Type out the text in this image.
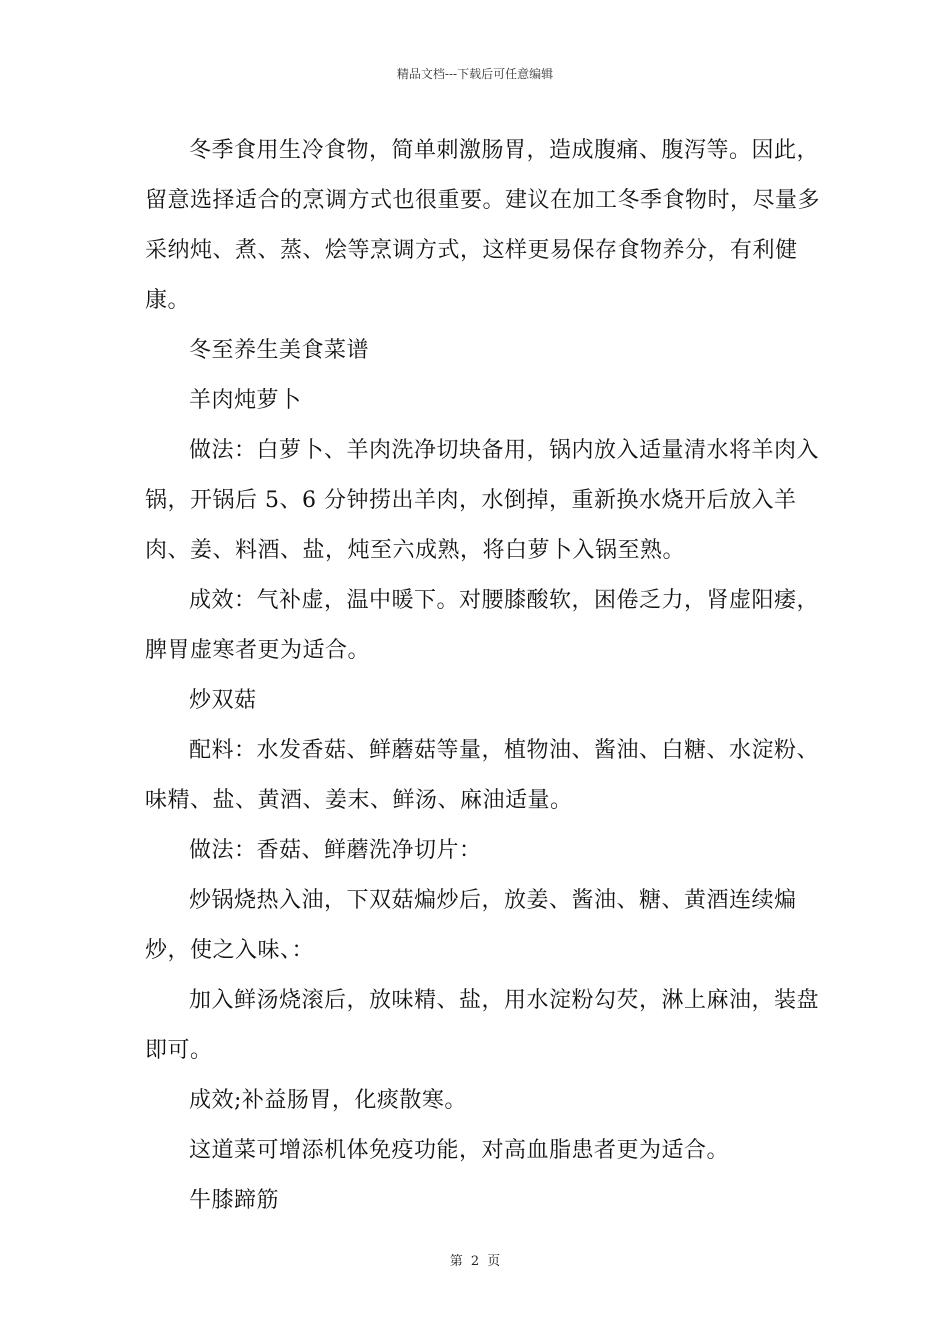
精品文档---下载后可任意编辑

冬季食用生冷食物，简单刺激肠胃，造成腹痛、腹泻等。因此，留意选择适合的烹调方式也很重要。建议在加工冬季食物时，尽量多采纳炖、煮、蒸、烩等烹调方式，这样更易保存食物养分，有利健康。

冬至养生美食菜谱

羊肉炖萝卜

做法：白萝卜、羊肉洗净切块备用，锅内放入适量清水将羊肉入锅，开锅后 5、6 分钟捞出羊肉，水倒掉，重新换水烧开后放入羊肉、姜、料酒、盐，炖至六成熟，将白萝卜入锅至熟。

成效：气补虚，温中暖下。对腰膝酸软，困倦乏力，肾虚阳痿，脾胃虚寒者更为适合。

炒双菇

配料：水发香菇、鲜蘑菇等量，植物油、酱油、白糖、水淀粉、味精、盐、黄酒、姜末、鲜汤、麻油适量。

做法：香菇、鲜蘑洗净切片：

炒锅烧热入油，下双菇煸炒后，放姜、酱油、糖、黄酒连续煸炒，使之入味、：

加入鲜汤烧滚后，放味精、盐，用水淀粉勾芡，淋上麻油，装盘即可。

成效;补益肠胃，化痰散寒。

这道菜可增添机体免疫功能，对高血脂患者更为适合。

牛膝蹄筋

第 2 页
